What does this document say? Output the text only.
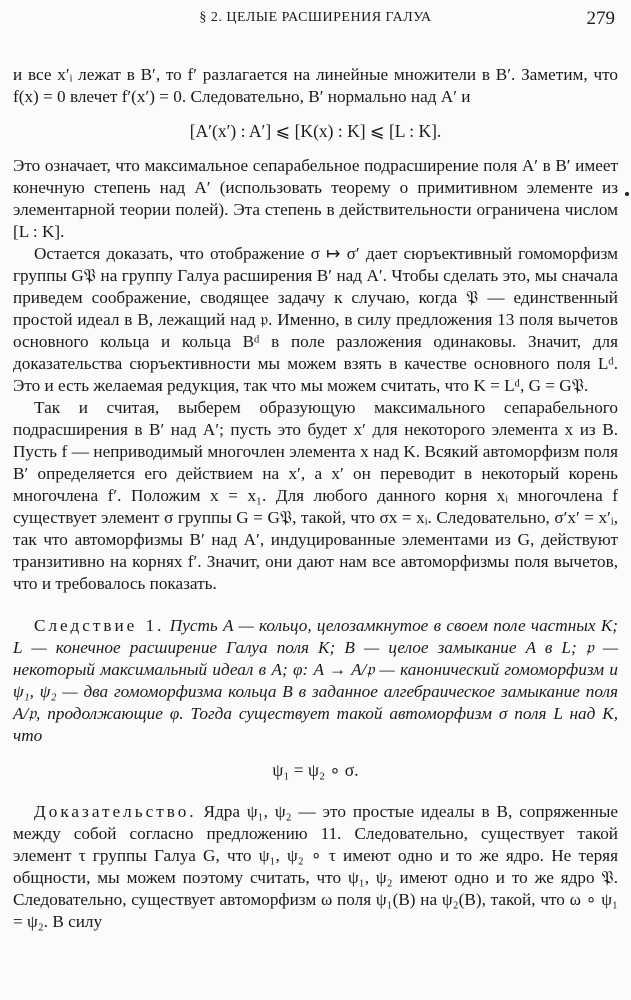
§ 2. ЦЕЛЫЕ РАСШИРЕНИЯ ГАЛУА	279

и все x′ᵢ лежат в B′, то f′ разлагается на линейные множители в B′. Заметим, что f(x) = 0 влечет f′(x′) = 0. Следовательно, B′ нормально над A′ и

[A′(x′) : A′] ⩽ [K(x) : K] ⩽ [L : K].

Это означает, что максимальное сепарабельное подрасширение поля A′ в B′ имеет конечную степень над A′ (использовать теорему о примитивном элементе из элементарной теории полей). Эта степень в действительности ограничена числом [L : K].

Остается доказать, что отображение σ ↦ σ′ дает сюръективный гомоморфизм группы G𝔓 на группу Галуа расширения B′ над A′. Чтобы сделать это, мы сначала приведем соображение, сводящее задачу к случаю, когда 𝔓 — единственный простой идеал в B, лежащий над 𝔭. Именно, в силу предложения 13 поля вычетов основного кольца и кольца Bᵈ в поле разложения одинаковы. Значит, для доказательства сюръективности мы можем взять в качестве основного поля Lᵈ. Это и есть желаемая редукция, так что мы можем считать, что K = Lᵈ, G = G𝔓.

Так и считая, выберем образующую максимального сепарабельного подрасширения в B′ над A′; пусть это будет x′ для некоторого элемента x из B. Пусть f — неприводимый многочлен элемента x над K. Всякий автоморфизм поля B′ определяется его действием на x′, а x′ он переводит в некоторый корень многочлена f′. Положим x = x₁. Для любого данного корня xᵢ многочлена f существует элемент σ группы G = G𝔓, такой, что σx = xᵢ. Следовательно, σ′x′ = x′ᵢ, так что автоморфизмы B′ над A′, индуцированные элементами из G, действуют транзитивно на корнях f′. Значит, они дают нам все автоморфизмы поля вычетов, что и требовалось показать.

Следствие 1. Пусть A — кольцо, целозамкнутое в своем поле частных K; L — конечное расширение Галуа поля K; B — целое замыкание A в L; 𝔭 — некоторый максимальный идеал в A; φ: A → A/𝔭 — канонический гомоморфизм и ψ₁, ψ₂ — два гомоморфизма кольца B в заданное алгебраическое замыкание поля A/𝔭, продолжающие φ. Тогда существует такой автоморфизм σ поля L над K, что

ψ₁ = ψ₂ ∘ σ.

Доказательство. Ядра ψ₁, ψ₂ — это простые идеалы в B, сопряженные между собой согласно предложению 11. Следовательно, существует такой элемент τ группы Галуа G, что ψ₁, ψ₂ ∘ τ имеют одно и то же ядро. Не теряя общности, мы можем поэтому считать, что ψ₁, ψ₂ имеют одно и то же ядро 𝔓. Следовательно, существует автоморфизм ω поля ψ₁(B) на ψ₂(B), такой, что ω ∘ ψ₁ = ψ₂. В силу
